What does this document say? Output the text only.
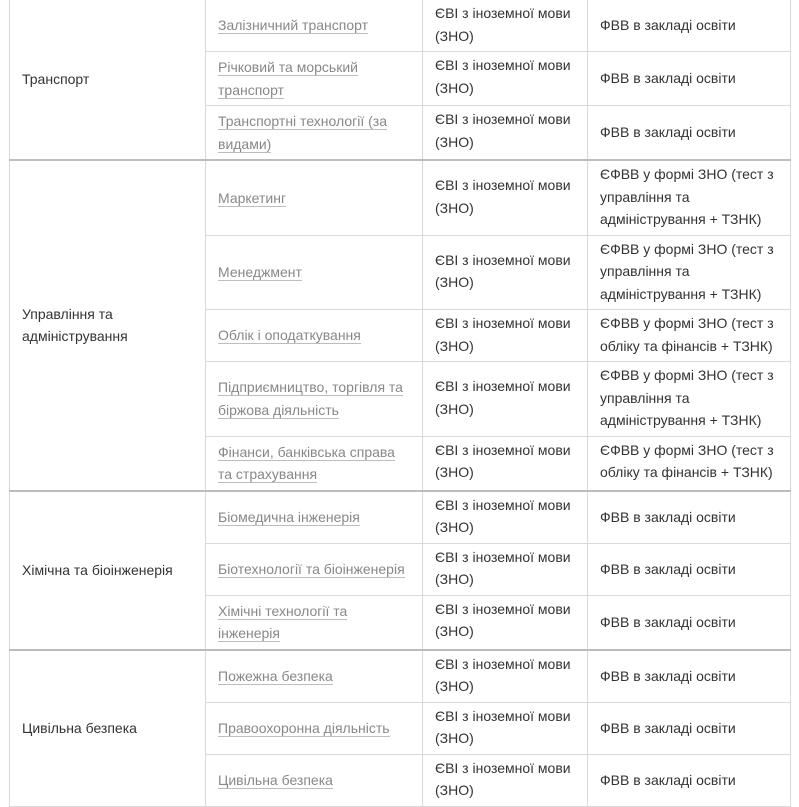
Транспорт	Залізничний транспорт	ЄВІ з іноземної мови (ЗНО)	ФВВ в закладі освіти
	Річковий та морський транспорт	ЄВІ з іноземної мови (ЗНО)	ФВВ в закладі освіти
	Транспортні технології (за видами)	ЄВІ з іноземної мови (ЗНО)	ФВВ в закладі освіти
Управління та адміністрування	Маркетинг	ЄВІ з іноземної мови (ЗНО)	ЄФВВ у формі ЗНО (тест з управління та адміністрування + ТЗНК)
	Менеджмент	ЄВІ з іноземної мови (ЗНО)	ЄФВВ у формі ЗНО (тест з управління та адміністрування + ТЗНК)
	Облік і оподаткування	ЄВІ з іноземної мови (ЗНО)	ЄФВВ у формі ЗНО (тест з обліку та фінансів + ТЗНК)
	Підприємництво, торгівля та біржова діяльність	ЄВІ з іноземної мови (ЗНО)	ЄФВВ у формі ЗНО (тест з управління та адміністрування + ТЗНК)
	Фінанси, банківська справа та страхування	ЄВІ з іноземної мови (ЗНО)	ЄФВВ у формі ЗНО (тест з обліку та фінансів + ТЗНК)
Хімічна та біоінженерія	Біомедична інженерія	ЄВІ з іноземної мови (ЗНО)	ФВВ в закладі освіти
	Біотехнології та біоінженерія	ЄВІ з іноземної мови (ЗНО)	ФВВ в закладі освіти
	Хімічні технології та інженерія	ЄВІ з іноземної мови (ЗНО)	ФВВ в закладі освіти
Цивільна безпека	Пожежна безпека	ЄВІ з іноземної мови (ЗНО)	ФВВ в закладі освіти
	Правоохоронна діяльність	ЄВІ з іноземної мови (ЗНО)	ФВВ в закладі освіти
	Цивільна безпека	ЄВІ з іноземної мови (ЗНО)	ФВВ в закладі освіти
